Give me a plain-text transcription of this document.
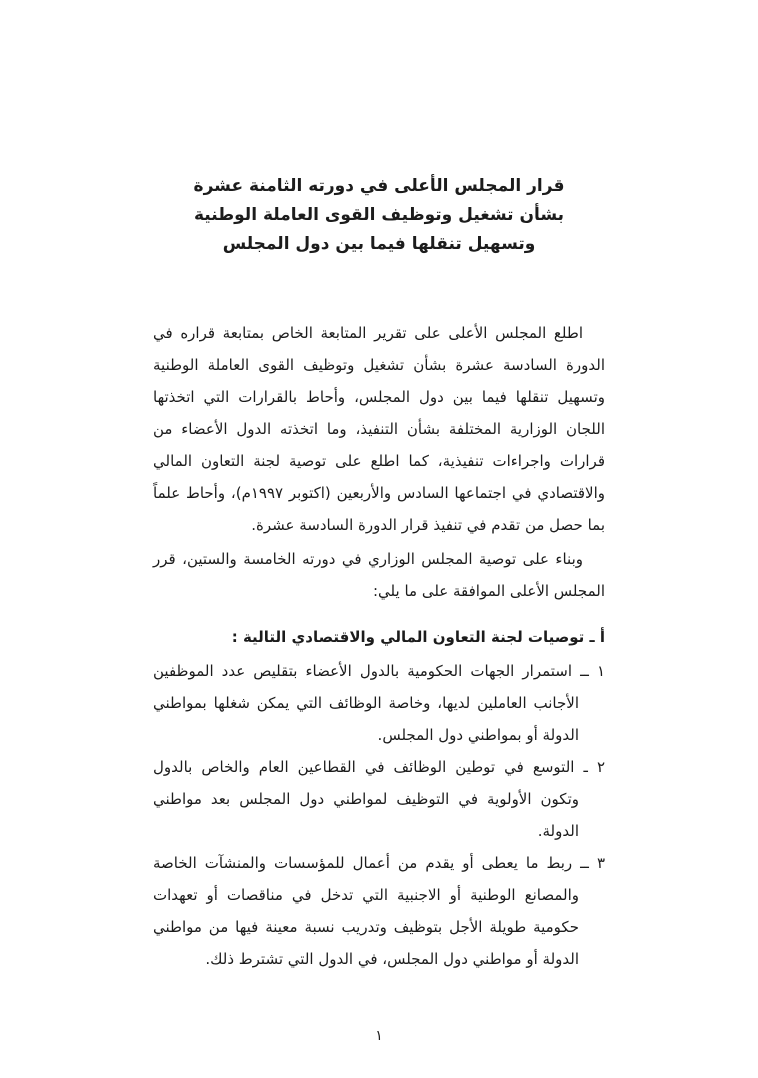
قرار المجلس الأعلى في دورته الثامنة عشرة
بشأن تشغيل وتوظيف القوى العاملة الوطنية
وتسهيل تنقلها فيما بين دول المجلس

اطلع المجلس الأعلى على تقرير المتابعة الخاص بمتابعة قراره في الدورة السادسة عشرة بشأن تشغيل وتوظيف القوى العاملة الوطنية وتسهيل تنقلها فيما بين دول المجلس، وأحاط بالقرارات التي اتخذتها اللجان الوزارية المختلفة بشأن التنفيذ، وما اتخذته الدول الأعضاء من قرارات واجراءات تنفيذية، كما اطلع على توصية لجنة التعاون المالي والاقتصادي في اجتماعها السادس والأربعين (اكتوبر ١٩٩٧م)، وأحاط علماً بما حصل من تقدم في تنفيذ قرار الدورة السادسة عشرة.

وبناء على توصية المجلس الوزاري في دورته الخامسة والستين، قرر المجلس الأعلى الموافقة على ما يلي:

أ ـ توصيات لجنة التعاون المالي والاقتصادي التالية :

١ ــ استمرار الجهات الحكومية بالدول الأعضاء بتقليص عدد الموظفين الأجانب العاملين لديها، وخاصة الوظائف التي يمكن شغلها بمواطني الدولة أو بمواطني دول المجلس.

٢ ـ التوسع في توطين الوظائف في القطاعين العام والخاص بالدول وتكون الأولوية في التوظيف لمواطني دول المجلس بعد مواطني الدولة.

٣ ــ ربط ما يعطى أو يقدم من أعمال للمؤسسات والمنشآت الخاصة والمصانع الوطنية أو الاجنبية التي تدخل في مناقصات أو تعهدات حكومية طويلة الأجل بتوظيف وتدريب نسبة معينة فيها من مواطني الدولة أو مواطني دول المجلس، في الدول التي تشترط ذلك.

١
